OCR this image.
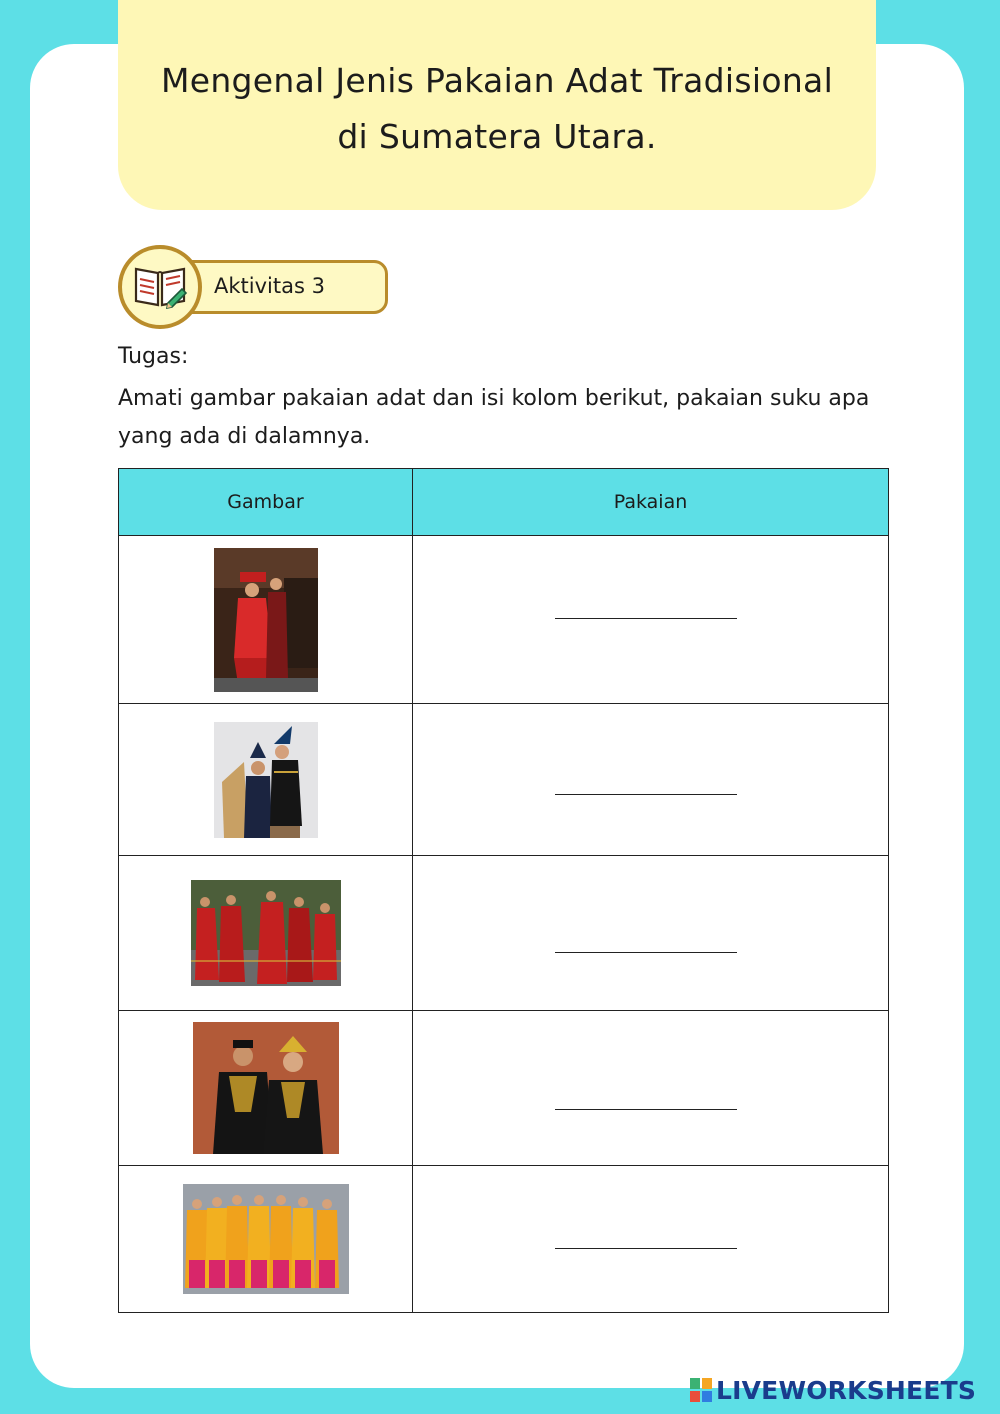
Mengenal Jenis Pakaian Adat Tradisional di Sumatera Utara.
Aktivitas 3
Tugas:
Amati gambar pakaian adat dan isi kolom berikut, pakaian suku apa yang ada di dalamnya.
Gambar	Pakaian

LIVEWORKSHEETS
